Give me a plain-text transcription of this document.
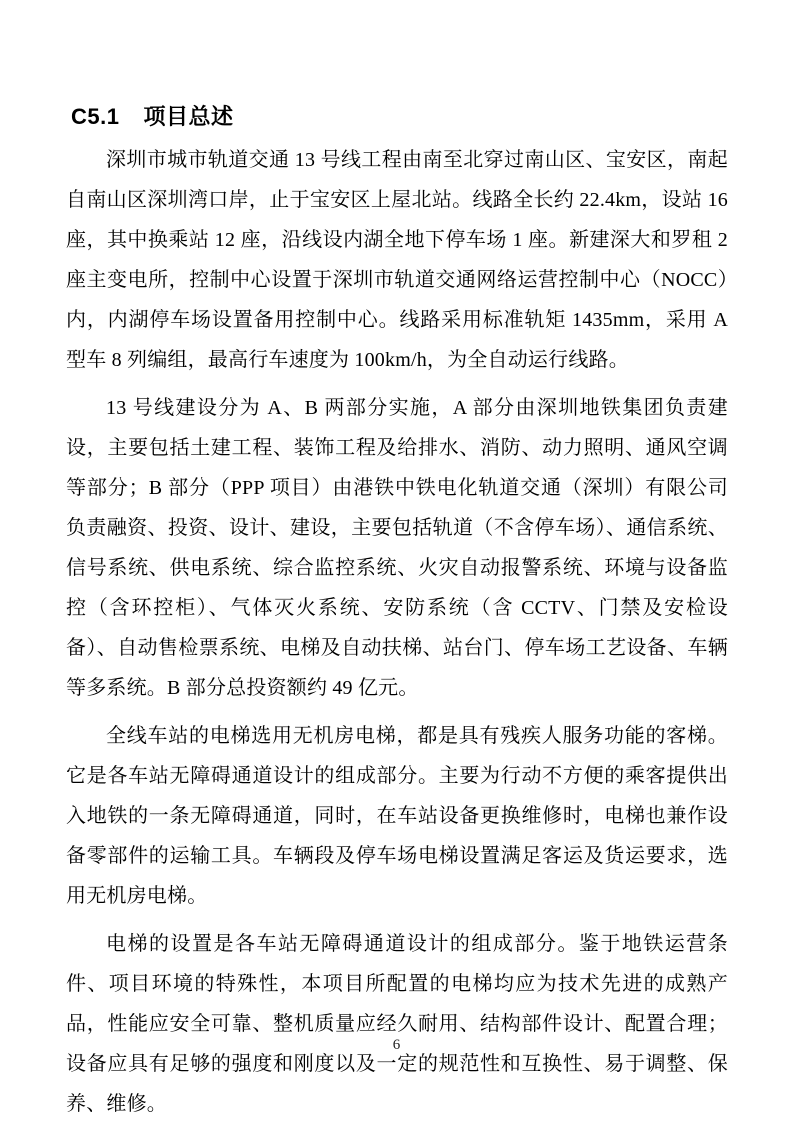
C5.1 项目总述

深圳市城市轨道交通 13 号线工程由南至北穿过南山区、宝安区，南起自南山区深圳湾口岸，止于宝安区上屋北站。线路全长约 22.4km，设站 16 座，其中换乘站 12 座，沿线设内湖全地下停车场 1 座。新建深大和罗租 2 座主变电所，控制中心设置于深圳市轨道交通网络运营控制中心（NOCC）内，内湖停车场设置备用控制中心。线路采用标准轨矩 1435mm，采用 A 型车 8 列编组，最高行车速度为 100km/h，为全自动运行线路。

13 号线建设分为 A、B 两部分实施，A 部分由深圳地铁集团负责建设，主要包括土建工程、装饰工程及给排水、消防、动力照明、通风空调等部分；B 部分（PPP 项目）由港铁中铁电化轨道交通（深圳）有限公司负责融资、投资、设计、建设，主要包括轨道（不含停车场）、通信系统、信号系统、供电系统、综合监控系统、火灾自动报警系统、环境与设备监控（含环控柜）、气体灭火系统、安防系统（含 CCTV、门禁及安检设备）、自动售检票系统、电梯及自动扶梯、站台门、停车场工艺设备、车辆等多系统。B 部分总投资额约 49 亿元。

全线车站的电梯选用无机房电梯，都是具有残疾人服务功能的客梯。它是各车站无障碍通道设计的组成部分。主要为行动不方便的乘客提供出入地铁的一条无障碍通道，同时，在车站设备更换维修时，电梯也兼作设备零部件的运输工具。车辆段及停车场电梯设置满足客运及货运要求，选用无机房电梯。

电梯的设置是各车站无障碍通道设计的组成部分。鉴于地铁运营条件、项目环境的特殊性，本项目所配置的电梯均应为技术先进的成熟产品，性能应安全可靠、整机质量应经久耐用、结构部件设计、配置合理；设备应具有足够的强度和刚度以及一定的规范性和互换性、易于调整、保养、维修。

6
